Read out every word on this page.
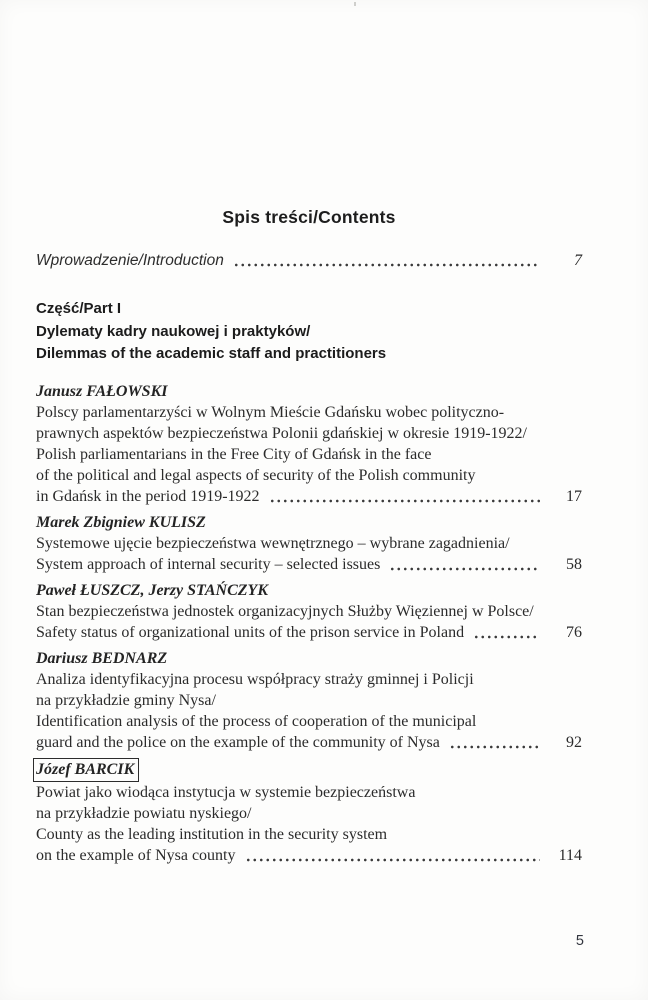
Spis treści/Contents
Wprowadzenie/Introduction	7
Część/Part I
Dylematy kadry naukowej i praktyków/
Dilemmas of the academic staff and practitioners
Janusz FAŁOWSKI
Polscy parlamentarzyści w Wolnym Mieście Gdańsku wobec polityczno-
prawnych aspektów bezpieczeństwa Polonii gdańskiej w okresie 1919-1922/
Polish parliamentarians in the Free City of Gdańsk in the face
of the political and legal aspects of security of the Polish community
in Gdańsk in the period 1919-1922	17
Marek Zbigniew KULISZ
Systemowe ujęcie bezpieczeństwa wewnętrznego – wybrane zagadnienia/
System approach of internal security – selected issues	58
Paweł ŁUSZCZ, Jerzy STAŃCZYK
Stan bezpieczeństwa jednostek organizacyjnych Służby Więziennej w Polsce/
Safety status of organizational units of the prison service in Poland	76
Dariusz BEDNARZ
Analiza identyfikacyjna procesu współpracy straży gminnej i Policji
na przykładzie gminy Nysa/
Identification analysis of the process of cooperation of the municipal
guard and the police on the example of the community of Nysa	92
Józef BARCIK
Powiat jako wiodąca instytucja w systemie bezpieczeństwa
na przykładzie powiatu nyskiego/
County as the leading institution in the security system
on the example of Nysa county	114
5
